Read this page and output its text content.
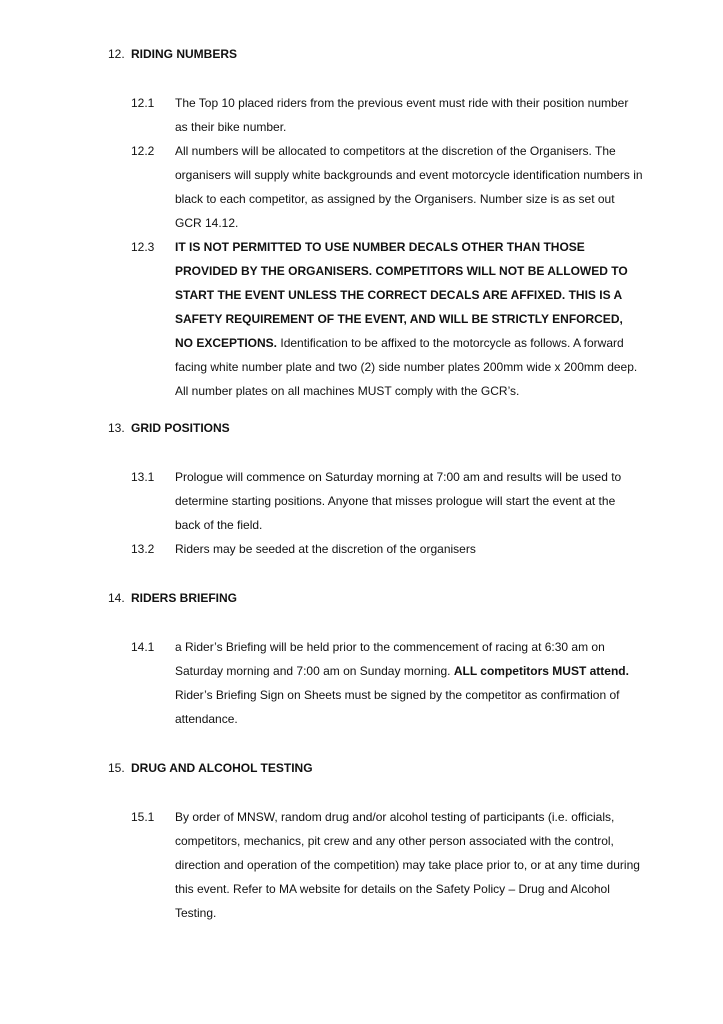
12. RIDING NUMBERS
12.1 The Top 10 placed riders from the previous event must ride with their position number as their bike number.
12.2 All numbers will be allocated to competitors at the discretion of the Organisers. The organisers will supply white backgrounds and event motorcycle identification numbers in black to each competitor, as assigned by the Organisers. Number size is as set out GCR 14.12.
12.3 IT IS NOT PERMITTED TO USE NUMBER DECALS OTHER THAN THOSE PROVIDED BY THE ORGANISERS. COMPETITORS WILL NOT BE ALLOWED TO START THE EVENT UNLESS THE CORRECT DECALS ARE AFFIXED. THIS IS A SAFETY REQUIREMENT OF THE EVENT, AND WILL BE STRICTLY ENFORCED, NO EXCEPTIONS. Identification to be affixed to the motorcycle as follows. A forward facing white number plate and two (2) side number plates 200mm wide x 200mm deep. All number plates on all machines MUST comply with the GCR’s.
13. GRID POSITIONS
13.1 Prologue will commence on Saturday morning at 7:00 am and results will be used to determine starting positions. Anyone that misses prologue will start the event at the back of the field.
13.2 Riders may be seeded at the discretion of the organisers
14. RIDERS BRIEFING
14.1 a Rider’s Briefing will be held prior to the commencement of racing at 6:30 am on Saturday morning and 7:00 am on Sunday morning. ALL competitors MUST attend. Rider’s Briefing Sign on Sheets must be signed by the competitor as confirmation of attendance.
15. DRUG AND ALCOHOL TESTING
15.1 By order of MNSW, random drug and/or alcohol testing of participants (i.e. officials, competitors, mechanics, pit crew and any other person associated with the control, direction and operation of the competition) may take place prior to, or at any time during this event. Refer to MA website for details on the Safety Policy – Drug and Alcohol Testing.
